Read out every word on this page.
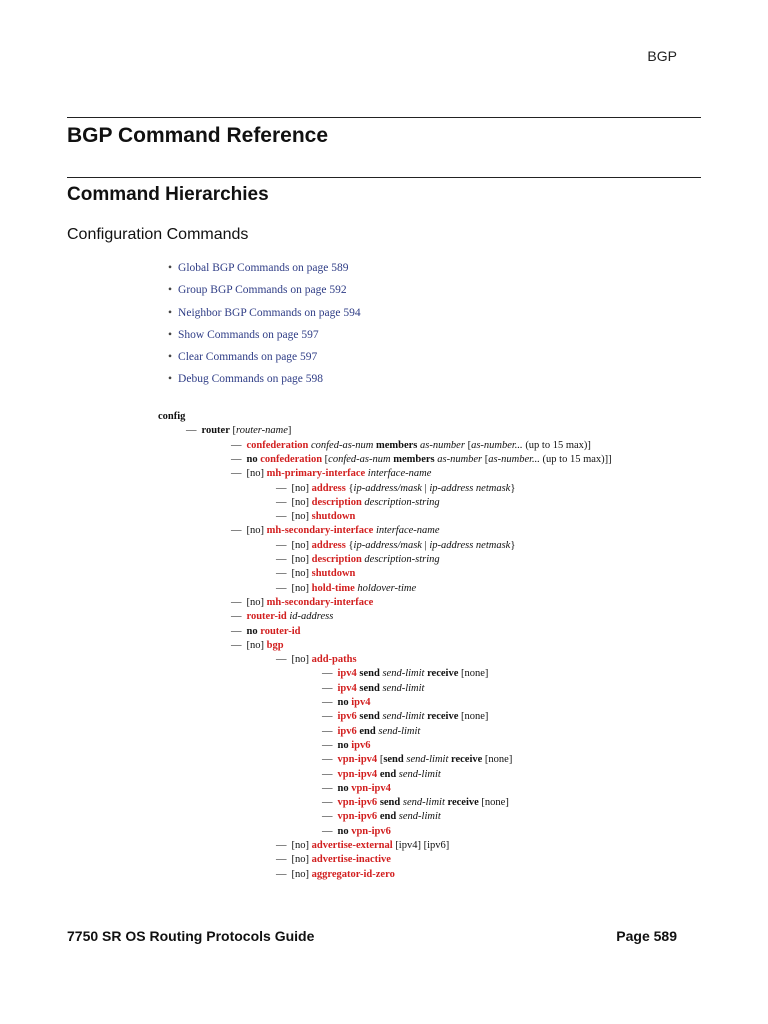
BGP
BGP Command Reference
Command Hierarchies
Configuration Commands
• Global BGP Commands on page 589
• Group BGP Commands on page 592
• Neighbor BGP Commands on page 594
• Show Commands on page 597
• Clear Commands on page 597
• Debug Commands on page 598
config
— router [router-name]
— confederation confed-as-num members as-number [as-number... (up to 15 max)]
— no confederation [confed-as-num members as-number [as-number... (up to 15 max)]]
— [no] mh-primary-interface interface-name
— [no] address {ip-address/mask | ip-address netmask}
— [no] description description-string
— [no] shutdown
— [no] mh-secondary-interface interface-name
— [no] address {ip-address/mask | ip-address netmask}
— [no] description description-string
— [no] shutdown
— [no] hold-time holdover-time
— [no] mh-secondary-interface
— router-id id-address
— no router-id
— [no] bgp
— [no] add-paths
— ipv4 send send-limit receive [none]
— ipv4 send send-limit
— no ipv4
— ipv6 send send-limit receive [none]
— ipv6 end send-limit
— no ipv6
— vpn-ipv4 [send send-limit receive [none]
— vpn-ipv4 end send-limit
— no vpn-ipv4
— vpn-ipv6 send send-limit receive [none]
— vpn-ipv6 end send-limit
— no vpn-ipv6
— [no] advertise-external [ipv4] [ipv6]
— [no] advertise-inactive
— [no] aggregator-id-zero
7750 SR OS Routing Protocols Guide	Page 589
